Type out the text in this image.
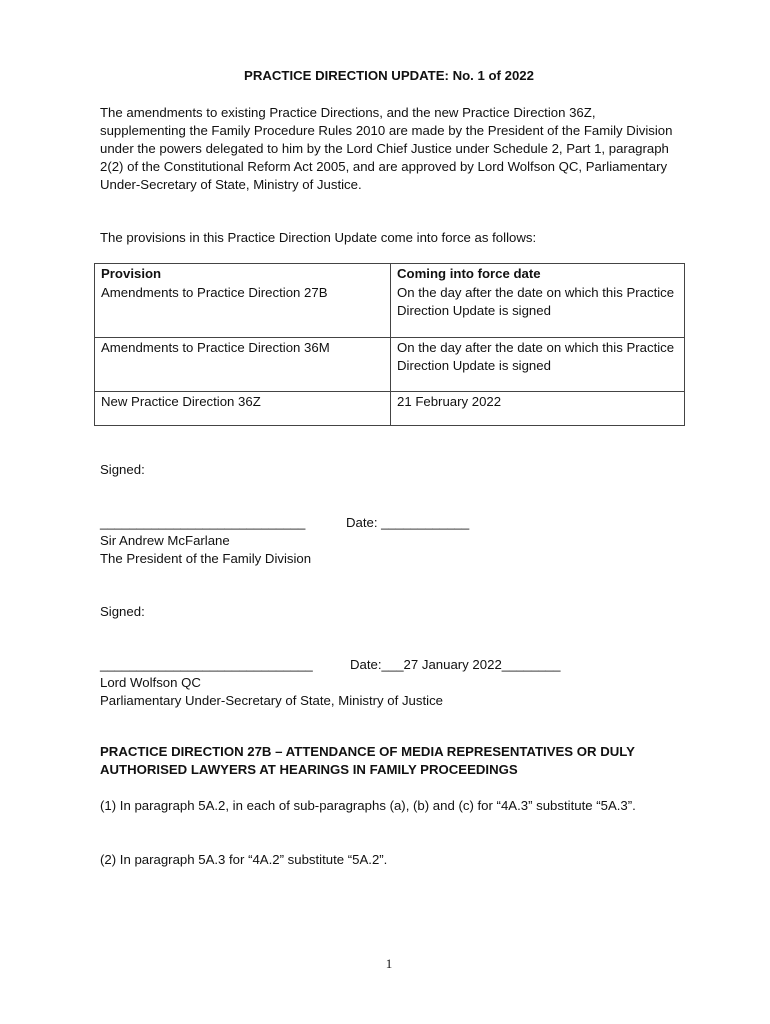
PRACTICE DIRECTION UPDATE: No. 1 of 2022
The amendments to existing Practice Directions, and the new Practice Direction 36Z, supplementing the Family Procedure Rules 2010 are made by the President of the Family Division under the powers delegated to him by the Lord Chief Justice under Schedule 2, Part 1, paragraph 2(2) of the Constitutional Reform Act 2005, and are approved by Lord Wolfson QC, Parliamentary Under-Secretary of State, Ministry of Justice.
The provisions in this Practice Direction Update come into force as follows:
Provision	Coming into force date
Amendments to Practice Direction 27B	On the day after the date on which this Practice Direction Update is signed
Amendments to Practice Direction 36M	On the day after the date on which this Practice Direction Update is signed
New Practice Direction 36Z	21 February 2022
Signed:
____________________________	Date: ____________
Sir Andrew McFarlane
The President of the Family Division
Signed:
_____________________________	Date:___27 January 2022________
Lord Wolfson QC
Parliamentary Under-Secretary of State, Ministry of Justice
PRACTICE DIRECTION 27B – ATTENDANCE OF MEDIA REPRESENTATIVES OR DULY AUTHORISED LAWYERS AT HEARINGS IN FAMILY PROCEEDINGS
(1) In paragraph 5A.2, in each of sub-paragraphs (a), (b) and (c) for “4A.3” substitute “5A.3”.
(2) In paragraph 5A.3 for “4A.2” substitute “5A.2”.
1
